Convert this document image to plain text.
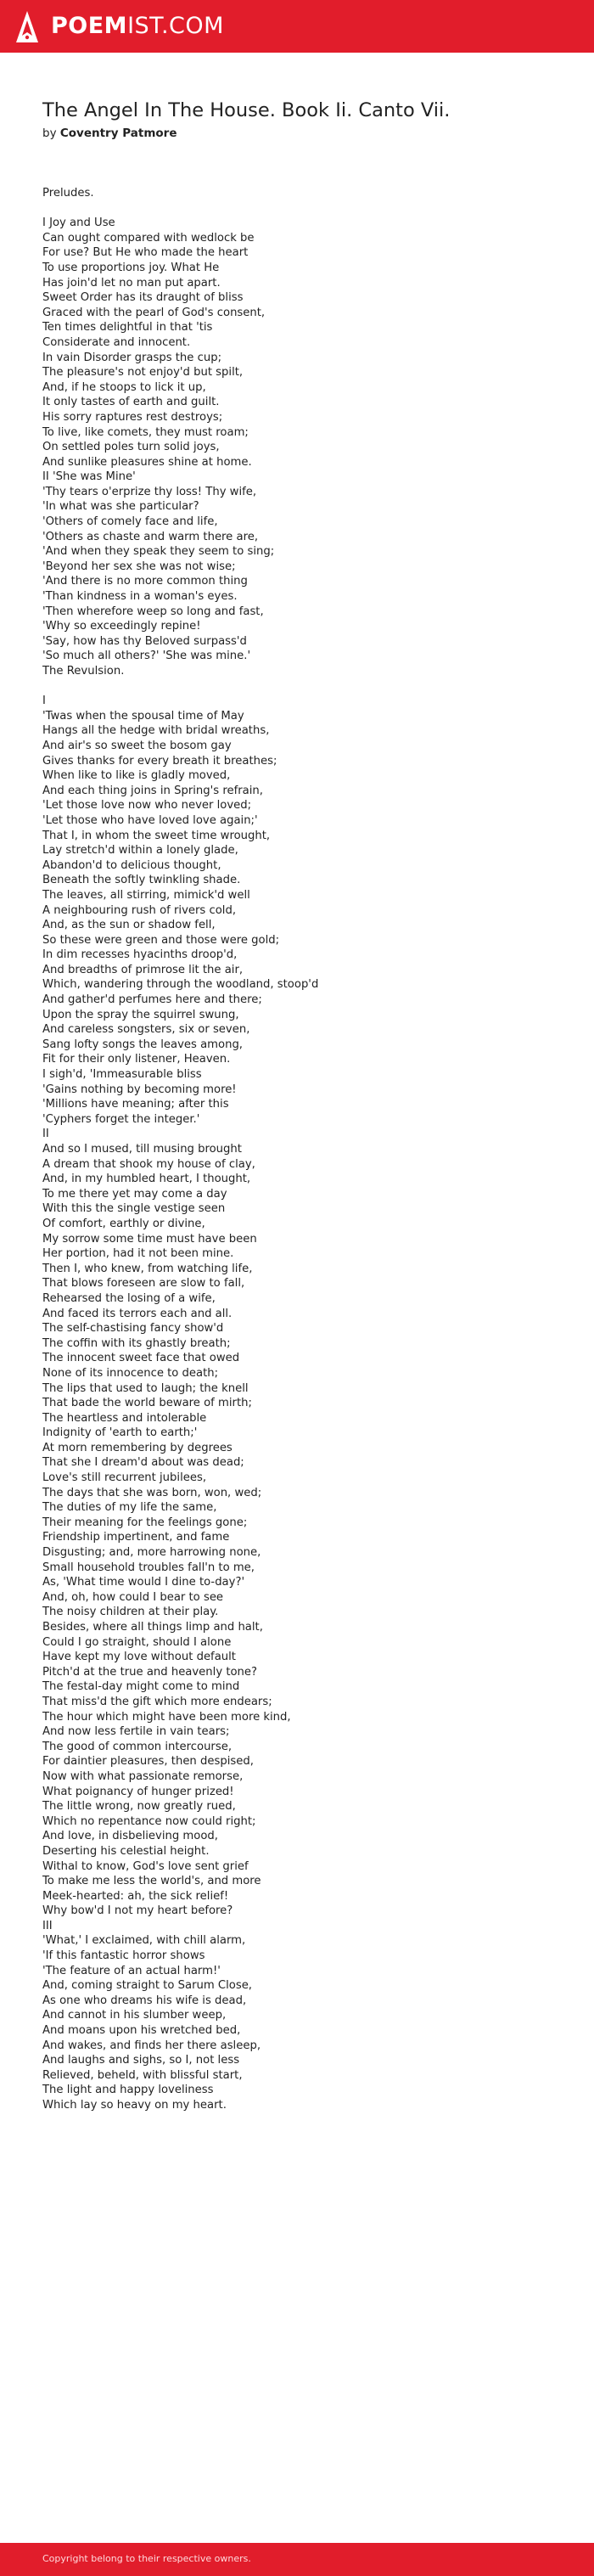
POEMIST.COM
The Angel In The House. Book Ii. Canto Vii.
by Coventry Patmore
Preludes.
I Joy and Use
Can ought compared with wedlock be
For use? But He who made the heart
To use proportions joy. What He
Has join'd let no man put apart.
Sweet Order has its draught of bliss
Graced with the pearl of God's consent,
Ten times delightful in that 'tis
Considerate and innocent.
In vain Disorder grasps the cup;
The pleasure's not enjoy'd but spilt,
And, if he stoops to lick it up,
It only tastes of earth and guilt.
His sorry raptures rest destroys;
To live, like comets, they must roam;
On settled poles turn solid joys,
And sunlike pleasures shine at home.
II 'She was Mine'
'Thy tears o'erprize thy loss! Thy wife,
'In what was she particular?
'Others of comely face and life,
'Others as chaste and warm there are,
'And when they speak they seem to sing;
'Beyond her sex she was not wise;
'And there is no more common thing
'Than kindness in a woman's eyes.
'Then wherefore weep so long and fast,
'Why so exceedingly repine!
'Say, how has thy Beloved surpass'd
'So much all others?' 'She was mine.'
The Revulsion.
I
'Twas when the spousal time of May
Hangs all the hedge with bridal wreaths,
And air's so sweet the bosom gay
Gives thanks for every breath it breathes;
When like to like is gladly moved,
And each thing joins in Spring's refrain,
'Let those love now who never loved;
'Let those who have loved love again;'
That I, in whom the sweet time wrought,
Lay stretch'd within a lonely glade,
Abandon'd to delicious thought,
Beneath the softly twinkling shade.
The leaves, all stirring, mimick'd well
A neighbouring rush of rivers cold,
And, as the sun or shadow fell,
So these were green and those were gold;
In dim recesses hyacinths droop'd,
And breadths of primrose lit the air,
Which, wandering through the woodland, stoop'd
And gather'd perfumes here and there;
Upon the spray the squirrel swung,
And careless songsters, six or seven,
Sang lofty songs the leaves among,
Fit for their only listener, Heaven.
I sigh'd, 'Immeasurable bliss
'Gains nothing by becoming more!
'Millions have meaning; after this
'Cyphers forget the integer.'
II
And so I mused, till musing brought
A dream that shook my house of clay,
And, in my humbled heart, I thought,
To me there yet may come a day
With this the single vestige seen
Of comfort, earthly or divine,
My sorrow some time must have been
Her portion, had it not been mine.
Then I, who knew, from watching life,
That blows foreseen are slow to fall,
Rehearsed the losing of a wife,
And faced its terrors each and all.
The self-chastising fancy show'd
The coffin with its ghastly breath;
The innocent sweet face that owed
None of its innocence to death;
The lips that used to laugh; the knell
That bade the world beware of mirth;
The heartless and intolerable
Indignity of 'earth to earth;'
At morn remembering by degrees
That she I dream'd about was dead;
Love's still recurrent jubilees,
The days that she was born, won, wed;
The duties of my life the same,
Their meaning for the feelings gone;
Friendship impertinent, and fame
Disgusting; and, more harrowing none,
Small household troubles fall'n to me,
As, 'What time would I dine to-day?'
And, oh, how could I bear to see
The noisy children at their play.
Besides, where all things limp and halt,
Could I go straight, should I alone
Have kept my love without default
Pitch'd at the true and heavenly tone?
The festal-day might come to mind
That miss'd the gift which more endears;
The hour which might have been more kind,
And now less fertile in vain tears;
The good of common intercourse,
For daintier pleasures, then despised,
Now with what passionate remorse,
What poignancy of hunger prized!
The little wrong, now greatly rued,
Which no repentance now could right;
And love, in disbelieving mood,
Deserting his celestial height.
Withal to know, God's love sent grief
To make me less the world's, and more
Meek-hearted: ah, the sick relief!
Why bow'd I not my heart before?
III
'What,' I exclaimed, with chill alarm,
'If this fantastic horror shows
'The feature of an actual harm!'
And, coming straight to Sarum Close,
As one who dreams his wife is dead,
And cannot in his slumber weep,
And moans upon his wretched bed,
And wakes, and finds her there asleep,
And laughs and sighs, so I, not less
Relieved, beheld, with blissful start,
The light and happy loveliness
Which lay so heavy on my heart.
Copyright belong to their respective owners.
